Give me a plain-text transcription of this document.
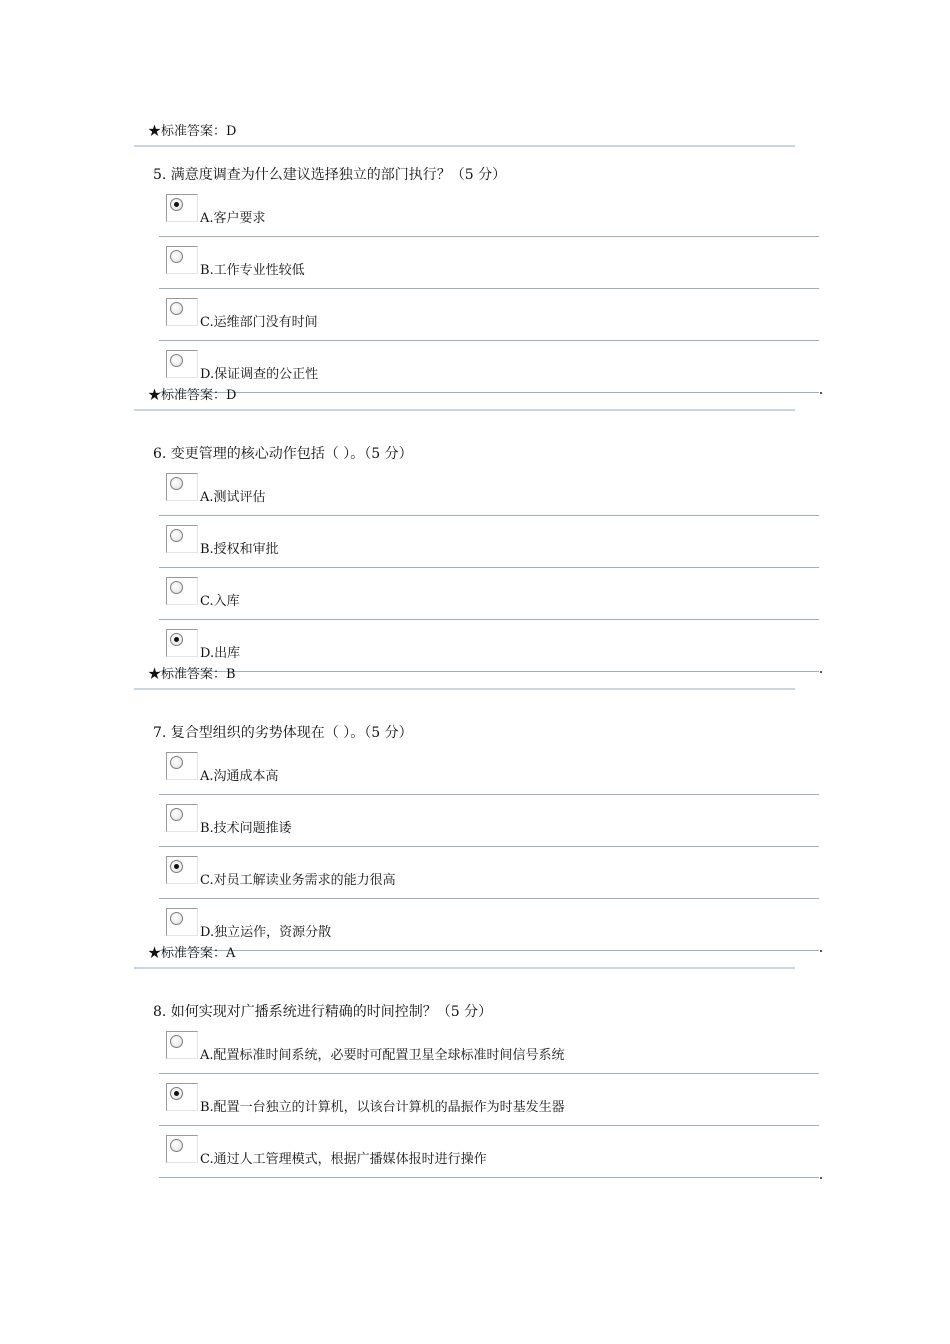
★标准答案：D
5. 满意度调查为什么建议选择独立的部门执行？（5 分）
A.客户要求
B.工作专业性较低
C.运维部门没有时间
D.保证调查的公正性
★标准答案：D
6. 变更管理的核心动作包括（ ）。（5 分）
A.测试评估
B.授权和审批
C.入库
D.出库
★标准答案：B
7. 复合型组织的劣势体现在（ ）。（5 分）
A.沟通成本高
B.技术问题推诿
C.对员工解读业务需求的能力很高
D.独立运作，资源分散
★标准答案：A
8. 如何实现对广播系统进行精确的时间控制？（5 分）
A.配置标准时间系统，必要时可配置卫星全球标准时间信号系统
B.配置一台独立的计算机，以该台计算机的晶振作为时基发生器
C.通过人工管理模式，根据广播媒体报时进行操作
